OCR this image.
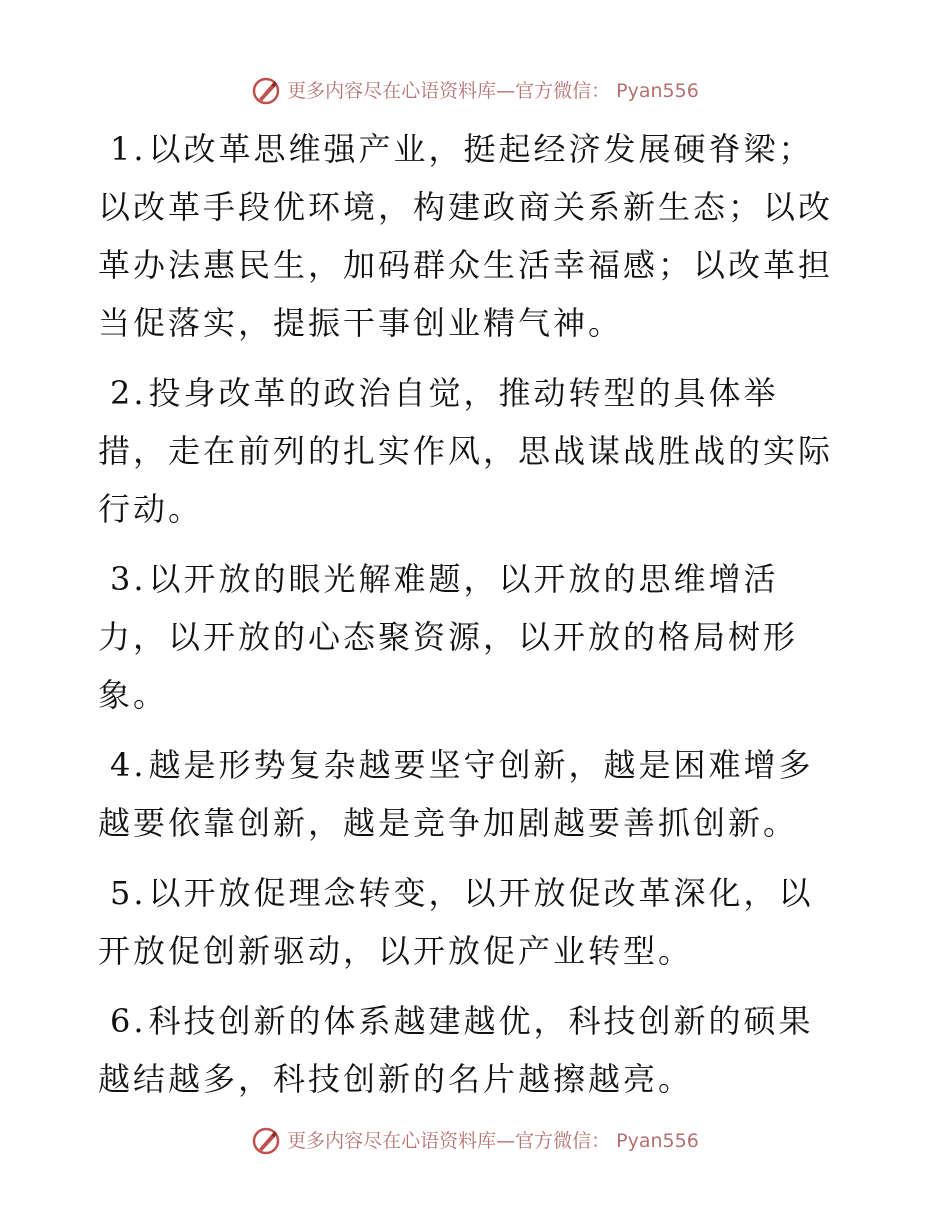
更多内容尽在心语资料库—官方微信： Pyan556

1.以改革思维强产业，挺起经济发展硬脊梁；以改革手段优环境，构建政商关系新生态；以改革办法惠民生，加码群众生活幸福感；以改革担当促落实，提振干事创业精气神。

2.投身改革的政治自觉，推动转型的具体举措，走在前列的扎实作风，思战谋战胜战的实际行动。

3.以开放的眼光解难题，以开放的思维增活力，以开放的心态聚资源，以开放的格局树形象。

4.越是形势复杂越要坚守创新，越是困难增多越要依靠创新，越是竞争加剧越要善抓创新。

5.以开放促理念转变，以开放促改革深化，以开放促创新驱动，以开放促产业转型。

6.科技创新的体系越建越优，科技创新的硕果越结越多，科技创新的名片越擦越亮。

更多内容尽在心语资料库—官方微信： Pyan556
